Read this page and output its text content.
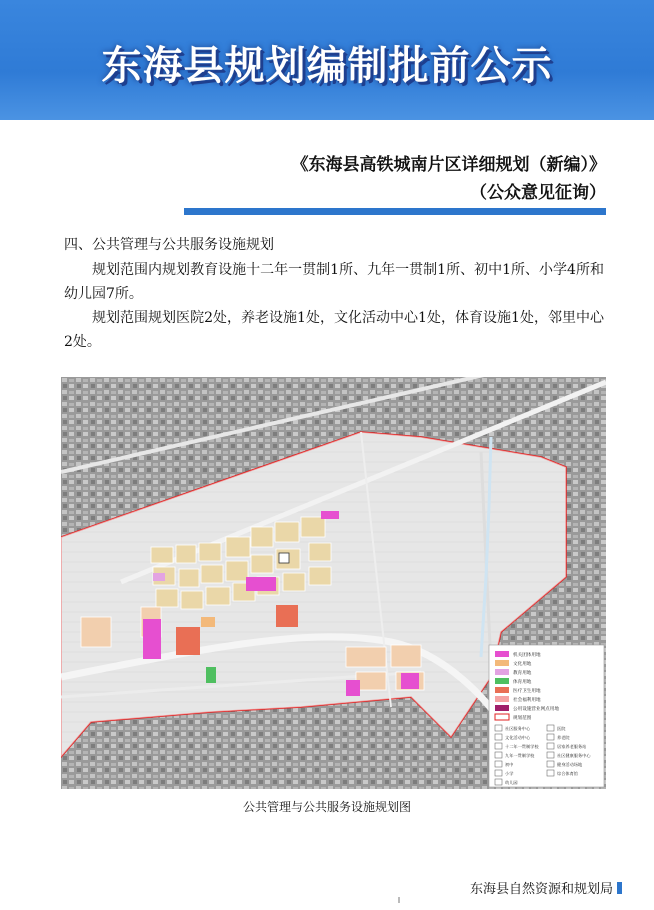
东海县规划编制批前公示
《东海县高铁城南片区详细规划（新编）》
（公众意见征询）
四、公共管理与公共服务设施规划

规划范围内规划教育设施十二年一贯制1所、九年一贯制1所、初中1所、小学4所和幼儿园7所。

规划范围规划医院2处，养老设施1处，文化活动中心1处，体育设施1处，邻里中心2处。

机关团体用地
文化用地
教育用地
体育用地
医疗卫生用地
社会福利用地
公用设施营业网点用地
规划范围
社区服务中心	医院
文化活动中心	养老院
十二年一贯制学校	居家养老服务站
九年一贯制学校	社区健康服务中心
初中	健身活动场地
小学	综合体育馆
幼儿园
公共管理与公共服务设施规划图
东海县自然资源和规划局
